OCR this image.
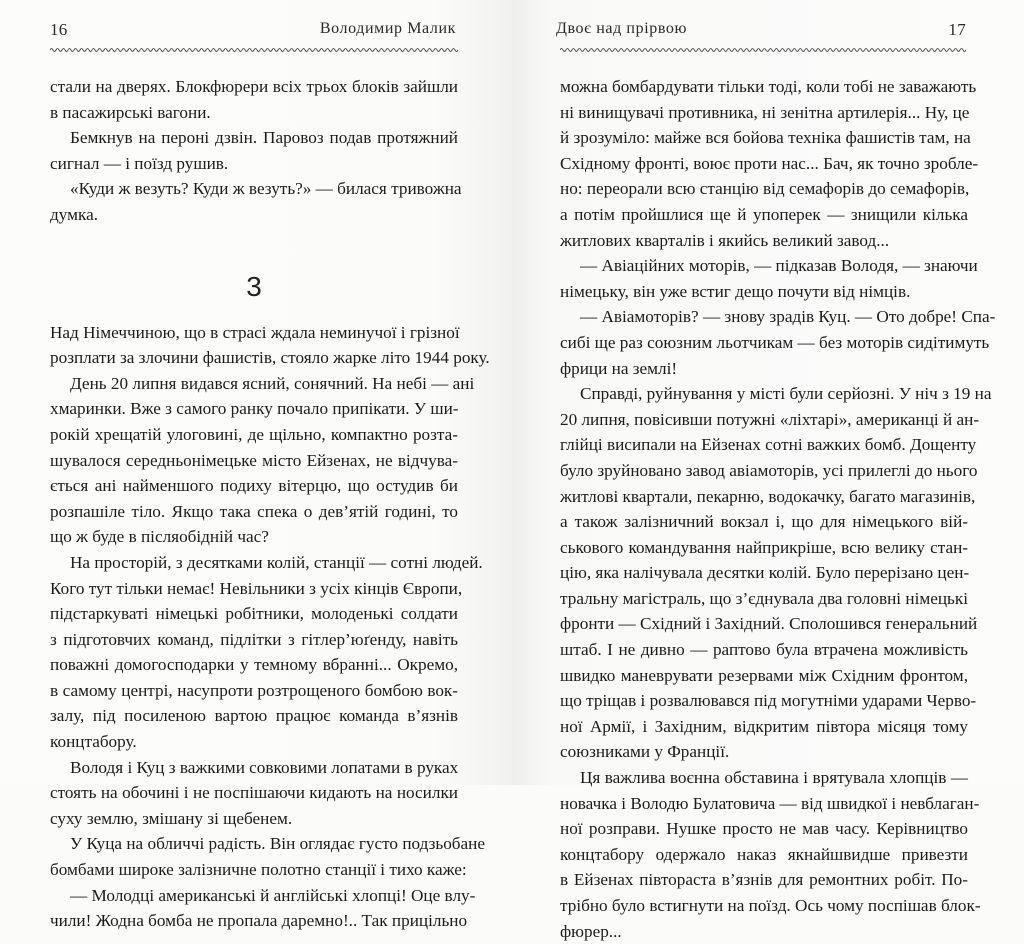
16	Володимир Малик
стали на дверях. Блокфюрери всіх трьох блоків зайшли
в пасажирські вагони.
Бемкнув на пероні дзвін. Паровоз подав протяжний
сигнал — і поїзд рушив.
«Куди ж везуть? Куди ж везуть?» — билася тривожна
думка.
3
Над Німеччиною, що в страсі ждала неминучої і грізної
розплати за злочини фашистів, стояло жарке літо 1944 року.
День 20 липня видався ясний, сонячний. На небі — ані
хмаринки. Вже з самого ранку почало припікати. У ши-
рокій хрещатій улоговині, де щільно, компактно розта-
шувалося середньонімецьке місто Ейзенах, не відчува-
ється ані найменшого подиху вітерцю, що остудив би
розпашіле тіло. Якщо така спека о дев’ятій годині, то
що ж буде в післяобідній час?
На просторій, з десятками колій, станції — сотні людей.
Кого тут тільки немає! Невільники з усіх кінців Європи,
підстаркуваті німецькі робітники, молоденькі солдати
з підготовчих команд, підлітки з гітлер’юґенду, навіть
поважні домогосподарки у темному вбранні... Окремо,
в самому центрі, насупроти розтрощеного бомбою вок-
залу, під посиленою вартою працює команда в’язнів
концтабору.
Володя і Куц з важкими совковими лопатами в руках
стоять на обочині і не поспішаючи кидають на носилки
суху землю, змішану зі щебенем.
У Куца на обличчі радість. Він оглядає густо подзьобане
бомбами широке залізничне полотно станції і тихо каже:
— Молодці американські й англійські хлопці! Оце влу-
чили! Жодна бомба не пропала даремно!.. Так прицільно
Двоє над прірвою	17
можна бомбардувати тільки тоді, коли тобі не заважають
ні винищувачі противника, ні зенітна артилерія... Ну, це
й зрозуміло: майже вся бойова техніка фашистів там, на
Східному фронті, воює проти нас... Бач, як точно зробле-
но: переорали всю станцію від семафорів до семафорів,
а потім пройшлися ще й упоперек — знищили кілька
житлових кварталів і якийсь великий завод...
— Авіаційних моторів, — підказав Володя, — знаючи
німецьку, він уже встиг дещо почути від німців.
— Авіамоторів? — знову зрадів Куц. — Ото добре! Спа-
сибі ще раз союзним льотчикам — без моторів сидітимуть
фрици на землі!
Справді, руйнування у місті були серйозні. У ніч з 19 на
20 липня, повісивши потужні «ліхтарі», американці й ан-
глійці висипали на Ейзенах сотні важких бомб. Дощенту
було зруйновано завод авіамоторів, усі прилеглі до нього
житлові квартали, пекарню, водокачку, багато магазинів,
а також залізничний вокзал і, що для німецького вій-
ськового командування найприкріше, всю велику стан-
цію, яка налічувала десятки колій. Було перерізано цен-
тральну магістраль, що з’єднувала два головні німецькі
фронти — Східний і Західний. Сполошився генеральний
штаб. І не дивно — раптово була втрачена можливість
швидко маневрувати резервами між Східним фронтом,
що тріщав і розвалювався під могутніми ударами Черво-
ної Армії, і Західним, відкритим півтора місяця тому
союзниками у Франції.
Ця важлива воєнна обставина і врятувала хлопців —
новачка і Володю Булатовича — від швидкої і невблаган-
ної розправи. Нушке просто не мав часу. Керівництво
концтабору одержало наказ якнайшвидше привезти
в Ейзенах півтораста в’язнів для ремонтних робіт. По-
трібно було встигнути на поїзд. Ось чому поспішав блок-
фюрер...
